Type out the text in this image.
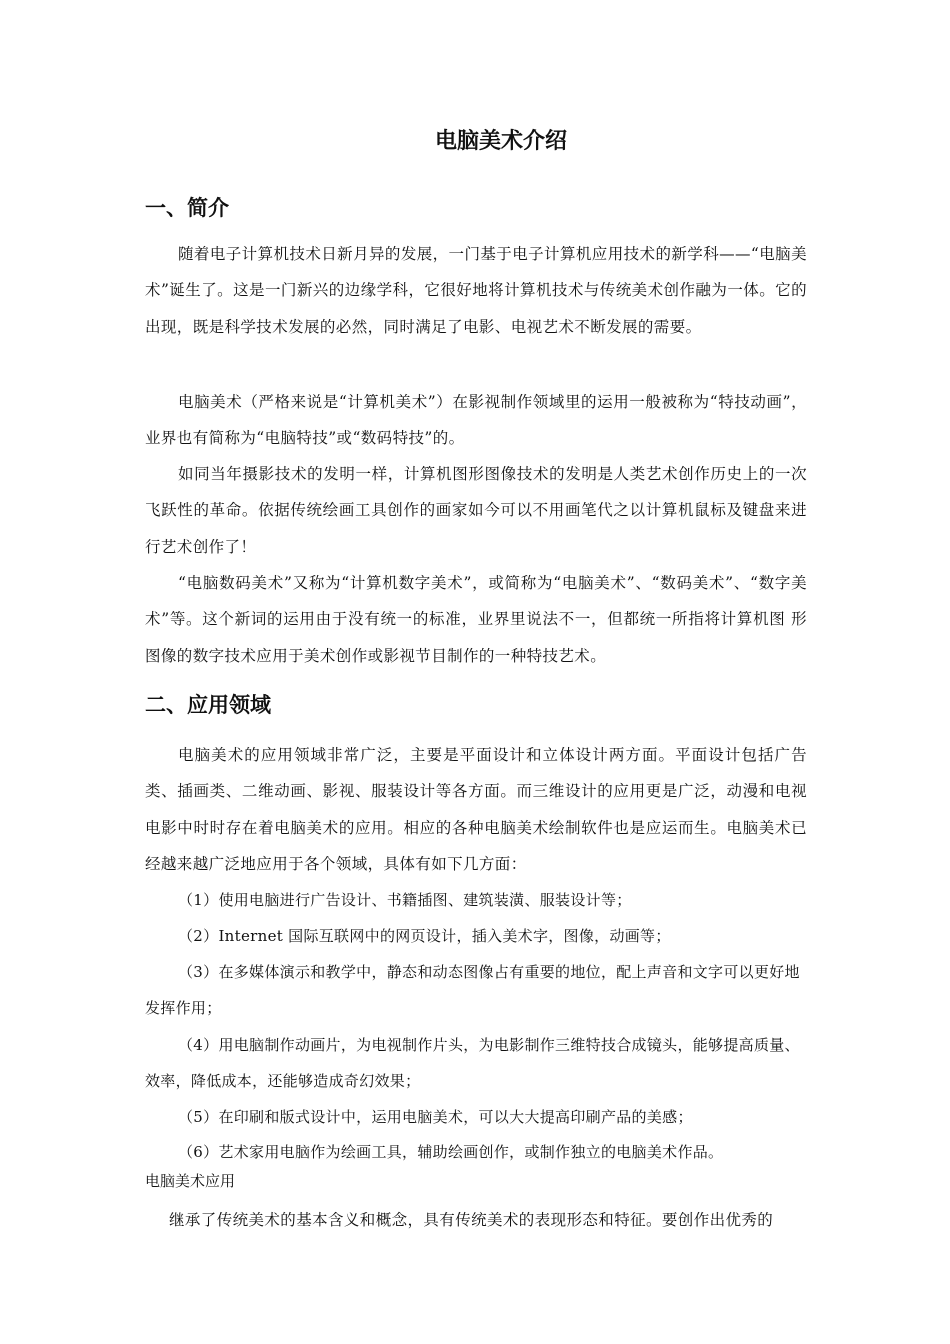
电脑美术介绍
一、简介

随着电子计算机技术日新月异的发展，一门基于电子计算机应用技术的新学科——“电脑美术”诞生了。这是一门新兴的边缘学科，它很好地将计算机技术与传统美术创作融为一体。它的出现，既是科学技术发展的必然，同时满足了电影、电视艺术不断发展的需要。

电脑美术（严格来说是“计算机美术”）在影视制作领域里的运用一般被称为“特技动画”，业界也有简称为“电脑特技”或“数码特技”的。

如同当年摄影技术的发明一样，计算机图形图像技术的发明是人类艺术创作历史上的一次飞跃性的革命。依据传统绘画工具创作的画家如今可以不用画笔代之以计算机鼠标及键盘来进行艺术创作了！

“电脑数码美术”又称为“计算机数字美术”，或简称为“电脑美术”、“数码美术”、“数字美术”等。这个新词的运用由于没有统一的标准，业界里说法不一，但都统一所指将计算机图 形图像的数字技术应用于美术创作或影视节目制作的一种特技艺术。

二、应用领域

电脑美术的应用领域非常广泛，主要是平面设计和立体设计两方面。平面设计包括广告类、插画类、二维动画、影视、服装设计等各方面。而三维设计的应用更是广泛，动漫和电视电影中时时存在着电脑美术的应用。相应的各种电脑美术绘制软件也是应运而生。电脑美术已经越来越广泛地应用于各个领域，具体有如下几方面：

（1）使用电脑进行广告设计、书籍插图、建筑装潢、服装设计等；

（2）Internet 国际互联网中的网页设计，插入美术字，图像，动画等；

（3）在多媒体演示和教学中，静态和动态图像占有重要的地位，配上声音和文字可以更好地发挥作用；

（4）用电脑制作动画片，为电视制作片头，为电影制作三维特技合成镜头，能够提高质量、效率，降低成本，还能够造成奇幻效果；

（5）在印刷和版式设计中，运用电脑美术，可以大大提高印刷产品的美感；

（6）艺术家用电脑作为绘画工具，辅助绘画创作，或制作独立的电脑美术作品。

电脑美术应用

继承了传统美术的基本含义和概念，具有传统美术的表现形态和特征。要创作出优秀的
